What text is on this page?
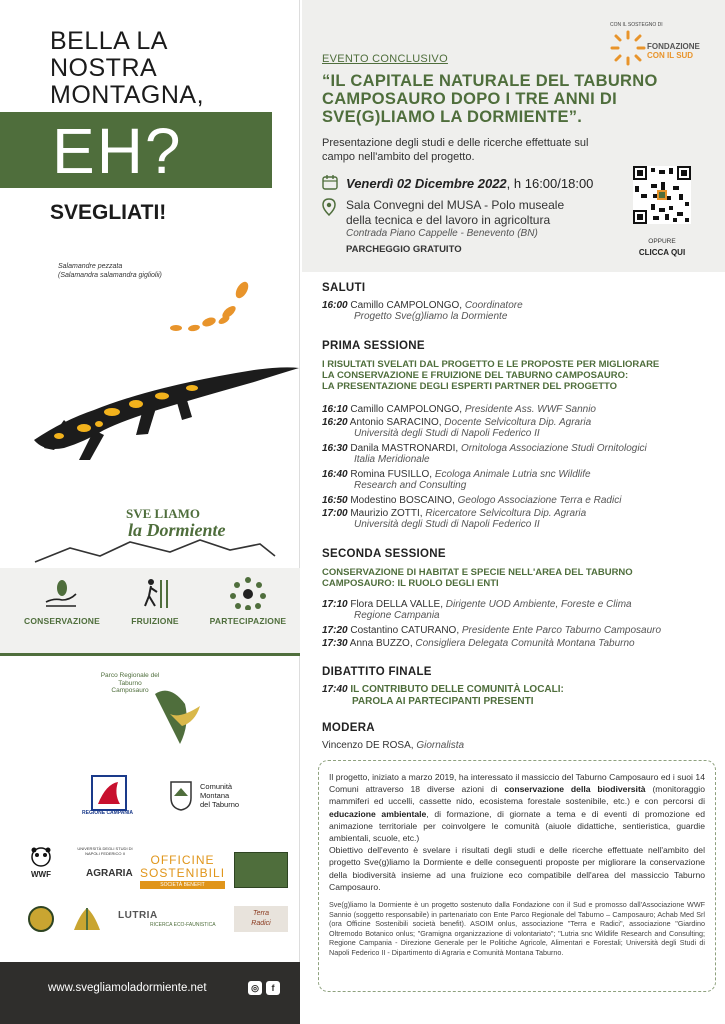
BELLA LA
NOSTRA
MONTAGNA,
EH?
SVEGLIATI!
Salamandre pezzata
(Salamandra salamandra gigliolii)
SVE LIAMO
la Dormiente
CONSERVAZIONE	FRUIZIONE	PARTECIPAZIONE
Parco Regionale del Taburno Camposauro
REGIONE CAMPANIA
Comunità
Montana
del Taburno
WWF
UNIVERSITÀ DEGLI STUDI DI NAPOLI FEDERICO II
AGRARIA
OFFICINE
SOSTENIBILI
SOCIETÀ BENEFIT
LUTRIA
RICERCA ECO-FAUNISTICA
Terra
Radici
www.svegliamoladormiente.net	◎	f
CON IL SOSTEGNO DI
FONDAZIONE
CON IL SUD
EVENTO CONCLUSIVO
“IL CAPITALE NATURALE DEL TABURNO CAMPOSAURO DOPO I TRE ANNI DI SVE(G)LIAMO LA DORMIENTE”.
Presentazione degli studi e delle ricerche effettuate sul campo nell'ambito del progetto.
Venerdì 02 Dicembre 2022, h 16:00/18:00
Sala Convegni del MUSA - Polo museale
della tecnica e del lavoro in agricoltura
Contrada Piano Cappelle - Benevento (BN)
PARCHEGGIO GRATUITO
OPPURE
CLICCA QUI
SALUTI
16:00 Camillo CAMPOLONGO, Coordinatore
Progetto Sve(g)liamo la Dormiente
PRIMA SESSIONE
I RISULTATI SVELATI DAL PROGETTO E LE PROPOSTE PER MIGLIORARE
LA CONSERVAZIONE E FRUIZIONE DEL TABURNO CAMPOSAURO:
LA PRESENTAZIONE DEGLI ESPERTI PARTNER DEL PROGETTO
16:10 Camillo CAMPOLONGO, Presidente Ass. WWF Sannio
16:20 Antonio SARACINO, Docente Selvicoltura Dip. Agraria
Università degli Studi di Napoli Federico II
16:30 Danila MASTRONARDI, Ornitologa Associazione Studi Ornitologici
Italia Meridionale
16:40 Romina FUSILLO, Ecologa Animale Lutria snc Wildlife
Research and Consulting
16:50 Modestino BOSCAINO, Geologo Associazione Terra e Radici
17:00 Maurizio ZOTTI, Ricercatore Selvicoltura Dip. Agraria
Università degli Studi di Napoli Federico II
SECONDA SESSIONE
CONSERVAZIONE DI HABITAT E SPECIE NELL'AREA DEL TABURNO
CAMPOSAURO: IL RUOLO DEGLI ENTI
17:10 Flora DELLA VALLE, Dirigente UOD Ambiente, Foreste e Clima
Regione Campania
17:20 Costantino CATURANO, Presidente Ente Parco Taburno Camposauro
17:30 Anna BUZZO, Consigliera Delegata Comunità Montana Taburno
DIBATTITO FINALE
17:40 IL CONTRIBUTO DELLE COMUNITÀ LOCALI:
PAROLA AI PARTECIPANTI PRESENTI
MODERA
Vincenzo DE ROSA, Giornalista
Il progetto, iniziato a marzo 2019, ha interessato il massiccio del Taburno Camposauro ed i suoi 14 Comuni attraverso 18 diverse azioni di conservazione della biodiversità (monitoraggio mammiferi ed uccelli, cassette nido, ecosistema forestale sostenibile, etc.) e con percorsi di educazione ambientale, di formazione, di giornate a tema e di eventi di promozione ed animazione territoriale per coinvolgere le comunità (aiuole didattiche, sentieristica, guardie ambientali, scuole, etc.)
Obiettivo dell'evento è svelare i risultati degli studi e delle ricerche effettuate nell'ambito del progetto Sve(g)liamo la Dormiente e delle conseguenti proposte per migliorare la conservazione della biodiversità insieme ad una fruizione eco compatibile dell'area del massiccio Taburno Camposauro.
Sve(g)liamo la Dormiente è un progetto sostenuto dalla Fondazione con il Sud e promosso dall'Associazione WWF Sannio (soggetto responsabile) in partenariato con Ente Parco Regionale del Taburno – Camposauro; Achab Med Srl (ora Officine Sostenibili società benefit). ASOIM onlus, associazione "Terra e Radici", associazione "Giardino Oltremodo Botanico onlus; "Gramigna organizzazione di volontariato"; "Lutria snc Wildlife Research and Consulting; Regione Campania - Direzione Generale per le Politiche Agricole, Alimentari e Forestali; Università degli Studi di Napoli Federico II - Dipartimento di Agraria e Comunità Montana Taburno.
